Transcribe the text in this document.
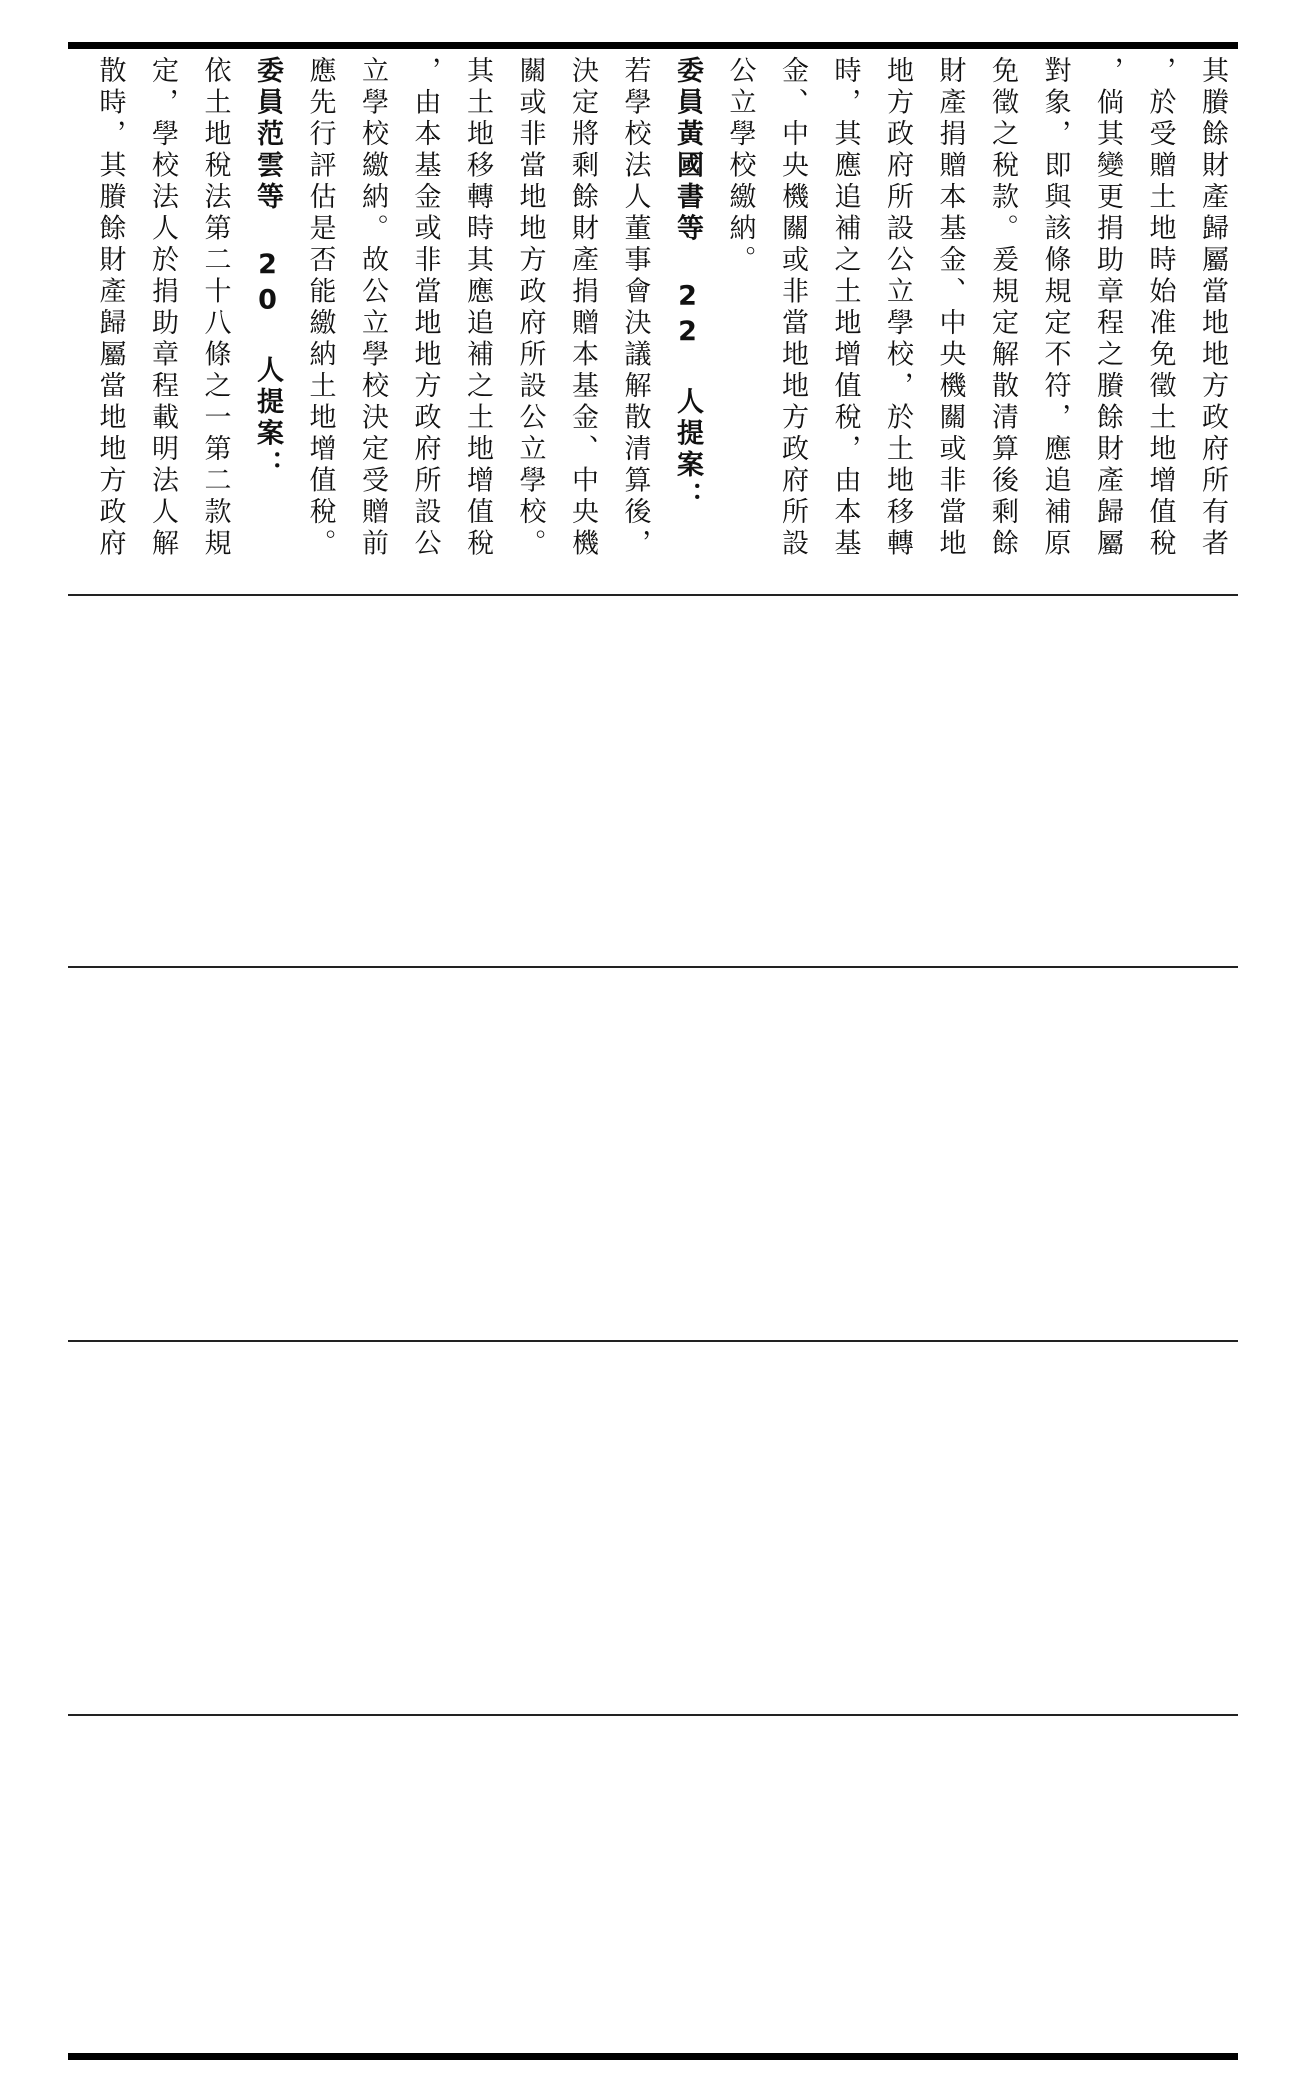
其賸餘財產歸屬當地地方政府所有者
，於受贈土地時始准免徵土地增值稅
，倘其變更捐助章程之賸餘財產歸屬
對象，即與該條規定不符，應追補原
免徵之稅款。爰規定解散清算後剩餘
財產捐贈本基金、中央機關或非當地
地方政府所設公立學校，於土地移轉
時，其應追補之土地增值稅，由本基
金、中央機關或非當地地方政府所設
公立學校繳納。
委員黃國書等 22 人提案：
若學校法人董事會決議解散清算後，
決定將剩餘財產捐贈本基金、中央機
關或非當地地方政府所設公立學校。
其土地移轉時其應追補之土地增值稅
，由本基金或非當地地方政府所設公
立學校繳納。故公立學校決定受贈前
應先行評估是否能繳納土地增值稅。
委員范雲等 20 人提案：
依土地稅法第二十八條之一第二款規
定，學校法人於捐助章程載明法人解
散時，其賸餘財產歸屬當地地方政府
